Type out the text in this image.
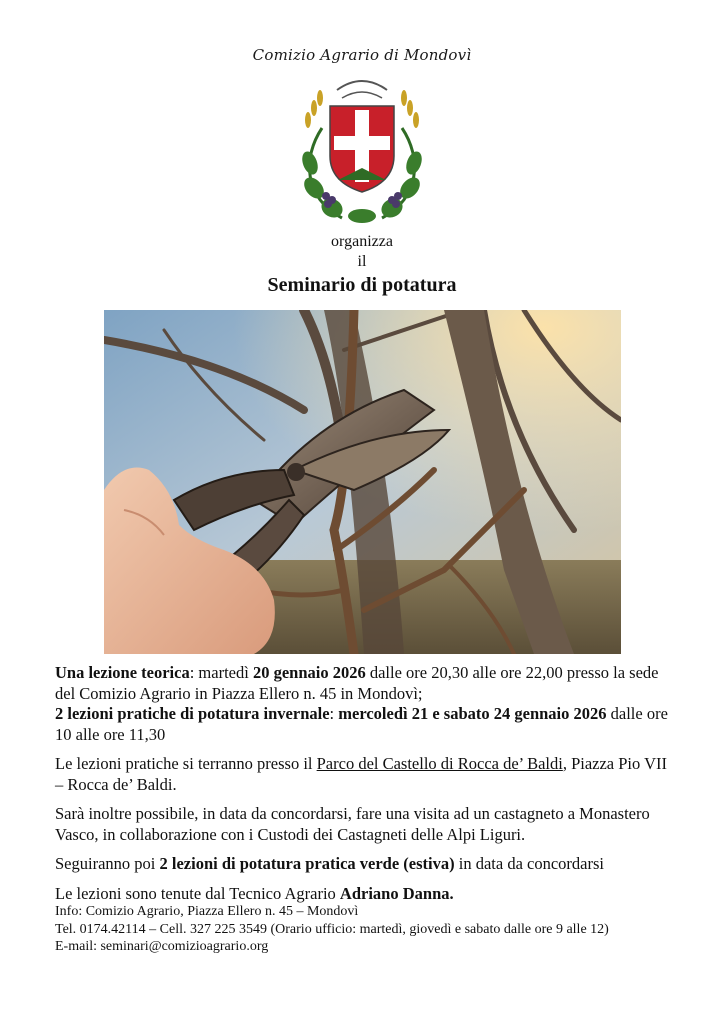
Comizio Agrario di Mondovì
organizza
il
Seminario di potatura

Una lezione teorica: martedì 20 gennaio 2026 dalle ore 20,30 alle ore 22,00 presso la sede del Comizio Agrario in Piazza Ellero n. 45 in Mondovì;

2 lezioni pratiche di potatura invernale: mercoledì 21 e sabato 24 gennaio 2026 dalle ore 10 alle ore 11,30

Le lezioni pratiche si terranno presso il Parco del Castello di Rocca de’ Baldi, Piazza Pio VII – Rocca de’ Baldi.

Sarà inoltre possibile, in data da concordarsi, fare una visita ad un castagneto a Monastero Vasco, in collaborazione con i Custodi dei Castagneti delle Alpi Liguri.

Seguiranno poi 2 lezioni di potatura pratica verde (estiva) in data da concordarsi

Le lezioni sono tenute dal Tecnico Agrario Adriano Danna.

Info: Comizio Agrario, Piazza Ellero n. 45 – Mondovì

Tel. 0174.42114 – Cell. 327 225 3549 (Orario ufficio: martedì, giovedì e sabato dalle ore 9 alle 12)

E-mail: seminari@comizioagrario.org
